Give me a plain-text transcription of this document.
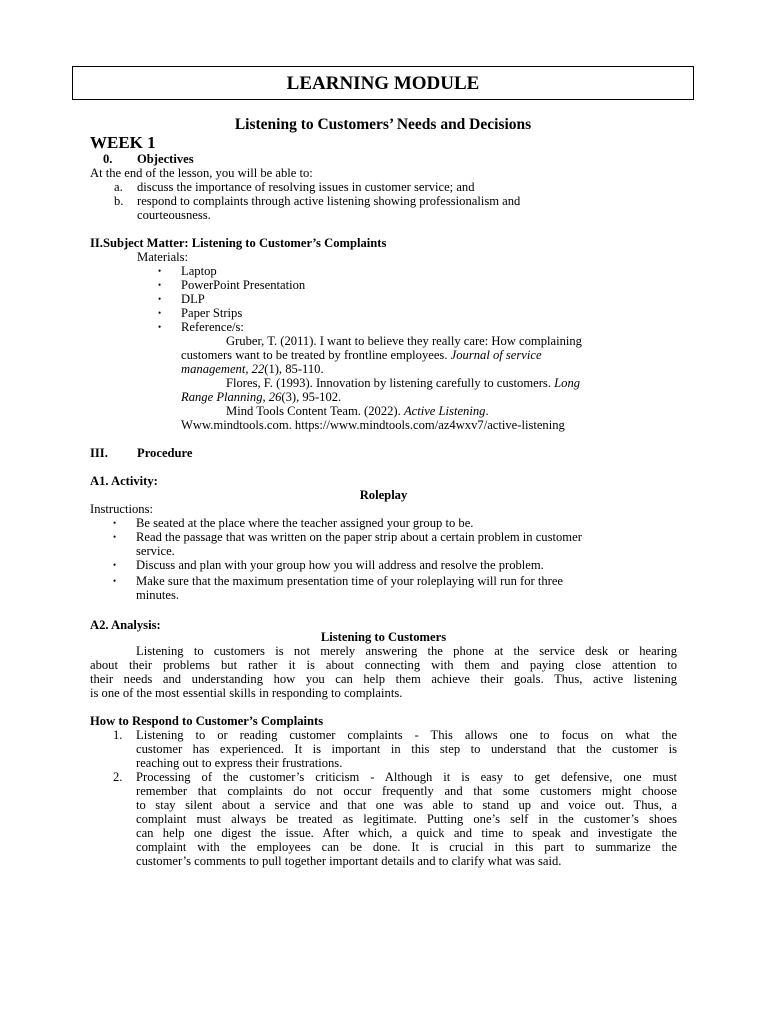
LEARNING MODULE
Listening to Customers’ Needs and Decisions
WEEK 1
0. Objectives
At the end of the lesson, you will be able to:
a. discuss the importance of resolving issues in customer service; and
b. respond to complaints through active listening showing professionalism and
courteousness.
II.Subject Matter: Listening to Customer’s Complaints
Materials:
• Laptop
• PowerPoint Presentation
• DLP
• Paper Strips
• Reference/s:
Gruber, T. (2011). I want to believe they really care: How complaining
customers want to be treated by frontline employees. Journal of service
management, 22(1), 85-110.
Flores, F. (1993). Innovation by listening carefully to customers. Long
Range Planning, 26(3), 95-102.
Mind Tools Content Team. (2022). Active Listening.
Www.mindtools.com. https://www.mindtools.com/az4wxv7/active-listening
III. Procedure
A1. Activity:
Roleplay
Instructions:
• Be seated at the place where the teacher assigned your group to be.
• Read the passage that was written on the paper strip about a certain problem in customer
service.
• Discuss and plan with your group how you will address and resolve the problem.
• Make sure that the maximum presentation time of your roleplaying will run for three
minutes.
A2. Analysis:
Listening to Customers
Listening to customers is not merely answering the phone at the service desk or hearing
about their problems but rather it is about connecting with them and paying close attention to
their needs and understanding how you can help them achieve their goals. Thus, active listening
is one of the most essential skills in responding to complaints.
How to Respond to Customer’s Complaints
1. Listening to or reading customer complaints - This allows one to focus on what the
customer has experienced. It is important in this step to understand that the customer is
reaching out to express their frustrations.
2. Processing of the customer’s criticism - Although it is easy to get defensive, one must
remember that complaints do not occur frequently and that some customers might choose
to stay silent about a service and that one was able to stand up and voice out. Thus, a
complaint must always be treated as legitimate. Putting one’s self in the customer’s shoes
can help one digest the issue. After which, a quick and time to speak and investigate the
complaint with the employees can be done. It is crucial in this part to summarize the
customer’s comments to pull together important details and to clarify what was said.
